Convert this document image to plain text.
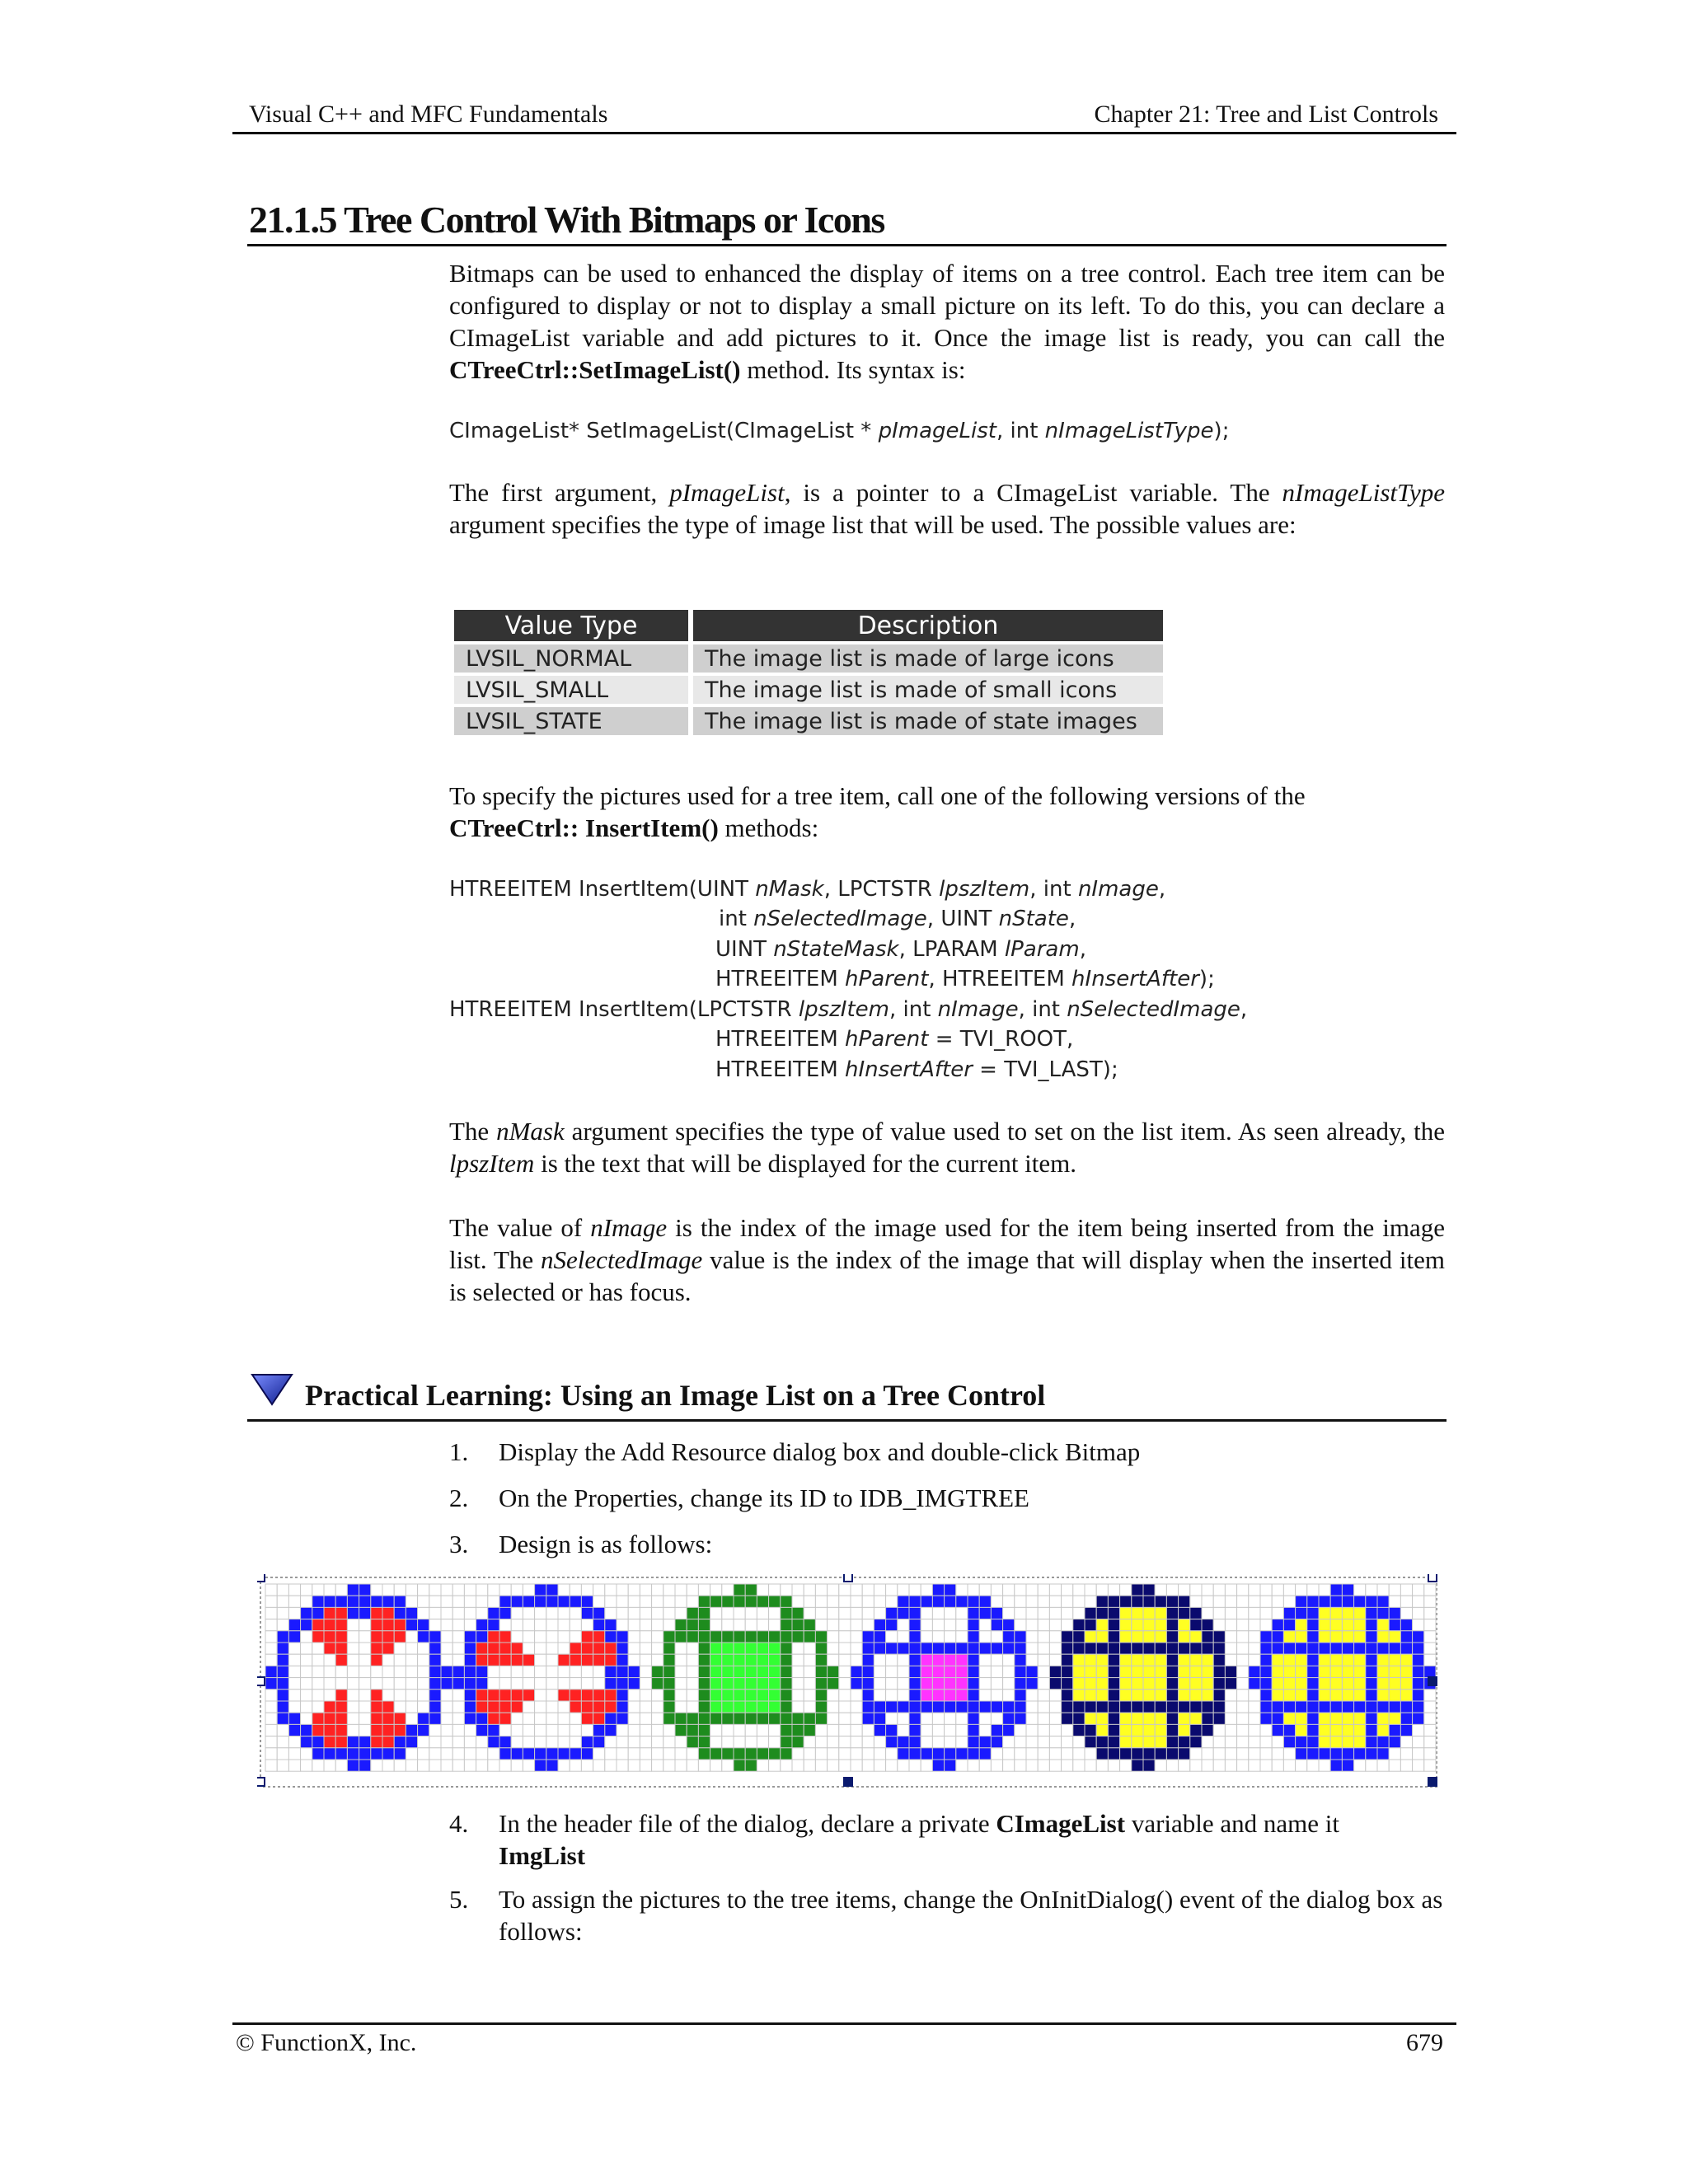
Visual C++ and MFC Fundamentals	Chapter 21: Tree and List Controls
21.1.5 Tree Control With Bitmaps or Icons
Bitmaps can be used to enhanced the display of items on a tree control. Each tree item can be configured to display or not to display a small picture on its left. To do this, you can declare a CImageList variable and add pictures to it. Once the image list is ready, you can call the CTreeCtrl::SetImageList() method. Its syntax is:
CImageList* SetImageList(CImageList * pImageList, int nImageListType);
The first argument, pImageList, is a pointer to a CImageList variable. The nImageListType argument specifies the type of image list that will be used. The possible values are:
Value Type	Description
LVSIL_NORMAL	The image list is made of large icons
LVSIL_SMALL	The image list is made of small icons
LVSIL_STATE	The image list is made of state images
To specify the pictures used for a tree item, call one of the following versions of the
CTreeCtrl:: InsertItem() methods:
HTREEITEM InsertItem(UINT nMask, LPCTSTR lpszItem, int nImage,
int nSelectedImage, UINT nState,
UINT nStateMask, LPARAM lParam,
HTREEITEM hParent, HTREEITEM hInsertAfter);
HTREEITEM InsertItem(LPCTSTR lpszItem, int nImage, int nSelectedImage,
HTREEITEM hParent = TVI_ROOT,
HTREEITEM hInsertAfter = TVI_LAST);
The nMask argument specifies the type of value used to set on the list item. As seen already, the lpszItem is the text that will be displayed for the current item.
The value of nImage is the index of the image used for the item being inserted from the image list. The nSelectedImage value is the index of the image that will display when the inserted item is selected or has focus.
Practical Learning: Using an Image List on a Tree Control
1. Display the Add Resource dialog box and double-click Bitmap
2. On the Properties, change its ID to IDB_IMGTREE
3. Design is as follows:
4. In the header file of the dialog, declare a private CImageList variable and name it
ImgList
5. To assign the pictures to the tree items, change the OnInitDialog() event of the dialog box as follows:
© FunctionX, Inc.	679
